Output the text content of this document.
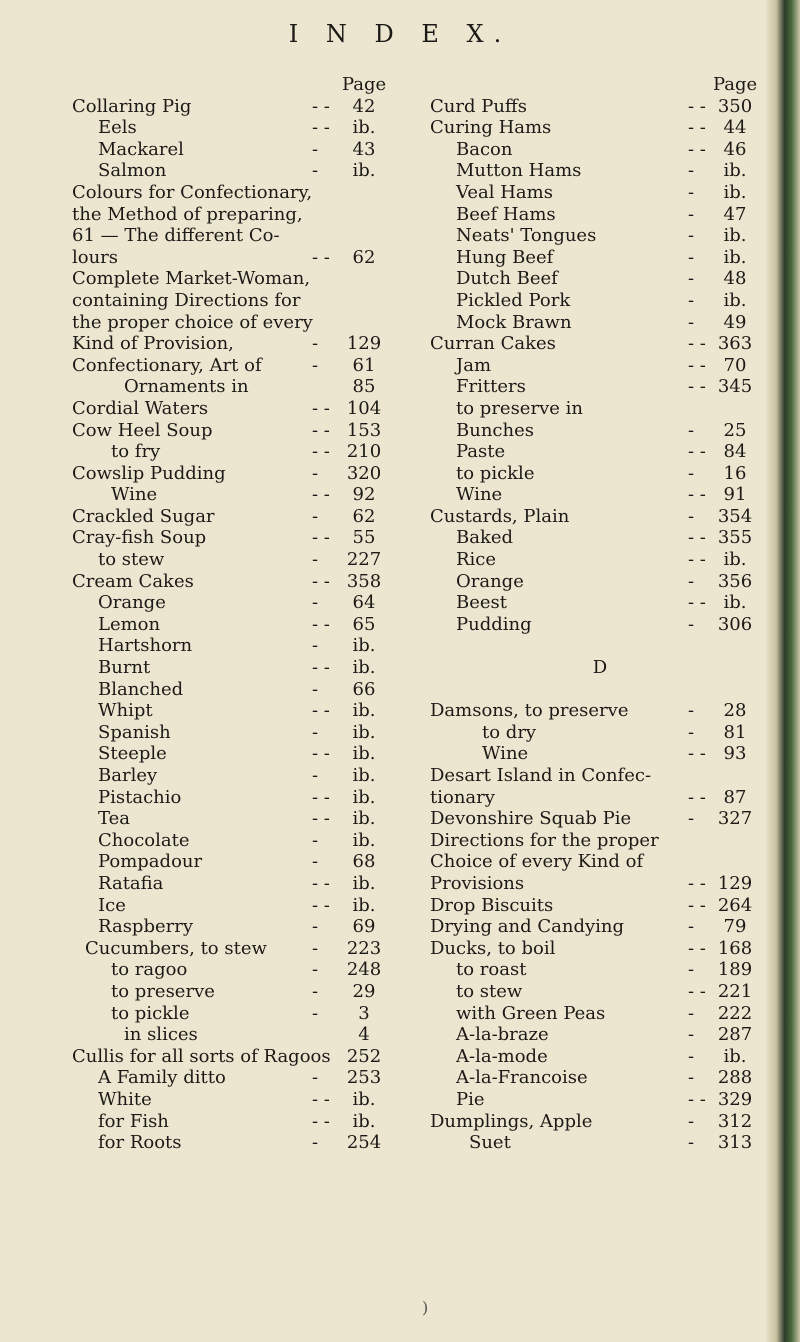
I N D E X.
Page
Collaring Pig	- -	42
Eels	- -	ib.
Mackarel	-	43
Salmon	-	ib.
Colours for Confectionary,
the Method of preparing,
61 — The different Co-
lours	- -	62
Complete Market-Woman,
containing Directions for
the proper choice of every
Kind of Provision,	- 129
Confectionary, Art of	-	61
Ornaments in	85
Cordial Waters	- - 104
Cow Heel Soup	- - 153
to fry	- - 210
Cowslip Pudding	- 320
Wine	- -	92
Crackled Sugar	-	62
Cray-fish Soup	- -	55
to stew	- 227
Cream Cakes	- - 358
Orange	-	64
Lemon	- -	65
Hartshorn	-	ib.
Burnt	- -	ib.
Blanched	-	66
Whipt	- -	ib.
Spanish	-	ib.
Steeple	- -	ib.
Barley	-	ib.
Pistachio	- -	ib.
Tea	- -	ib.
Chocolate	-	ib.
Pompadour	-	68
Ratafia	- -	ib.
Ice	- -	ib.
Raspberry	-	69
Cucumbers, to stew	- 223
to ragoo	- 248
to preserve	-	29
to pickle	-	3
in slices	4
Cullis for all sorts of Ragoos 252
A Family ditto	- 253
White	- -	ib.
for Fish	- -	ib.
for Roots	- 254
Page
Curd Puffs	- - 350
Curing Hams	- - 44
Bacon	- - 46
Mutton Hams	-	ib.
Veal Hams	-	ib.
Beef Hams	-	47
Neats' Tongues	-	ib.
Hung Beef	-	ib.
Dutch Beef	-	48
Pickled Pork	-	ib.
Mock Brawn	-	49
Curran Cakes	- - 363
Jam	- - 70
Fritters	- - 345
to preserve in
Bunches	-	25
Paste	- - 84
to pickle	-	16
Wine	- - 91
Custards, Plain	- 354
Baked	- - 355
Rice	- - ib.
Orange	- 356
Beest	- - ib.
Pudding	- 306
D
Damsons, to preserve	-	28
to dry	-	81
Wine	- - 93
Desart Island in Confec-
tionary	- - 87
Devonshire Squab Pie	- 327
Directions for the proper
Choice of every Kind of
Provisions	- - 129
Drop Biscuits	- - 264
Drying and Candying	-	79
Ducks, to boil	- - 168
to roast	- 189
to stew	- - 221
with Green Peas	- 222
A-la-braze	- 287
A-la-mode	-	ib.
A-la-Francoise	- 288
Pie	- - 329
Dumplings, Apple	- 312
Suet	- 313
)
